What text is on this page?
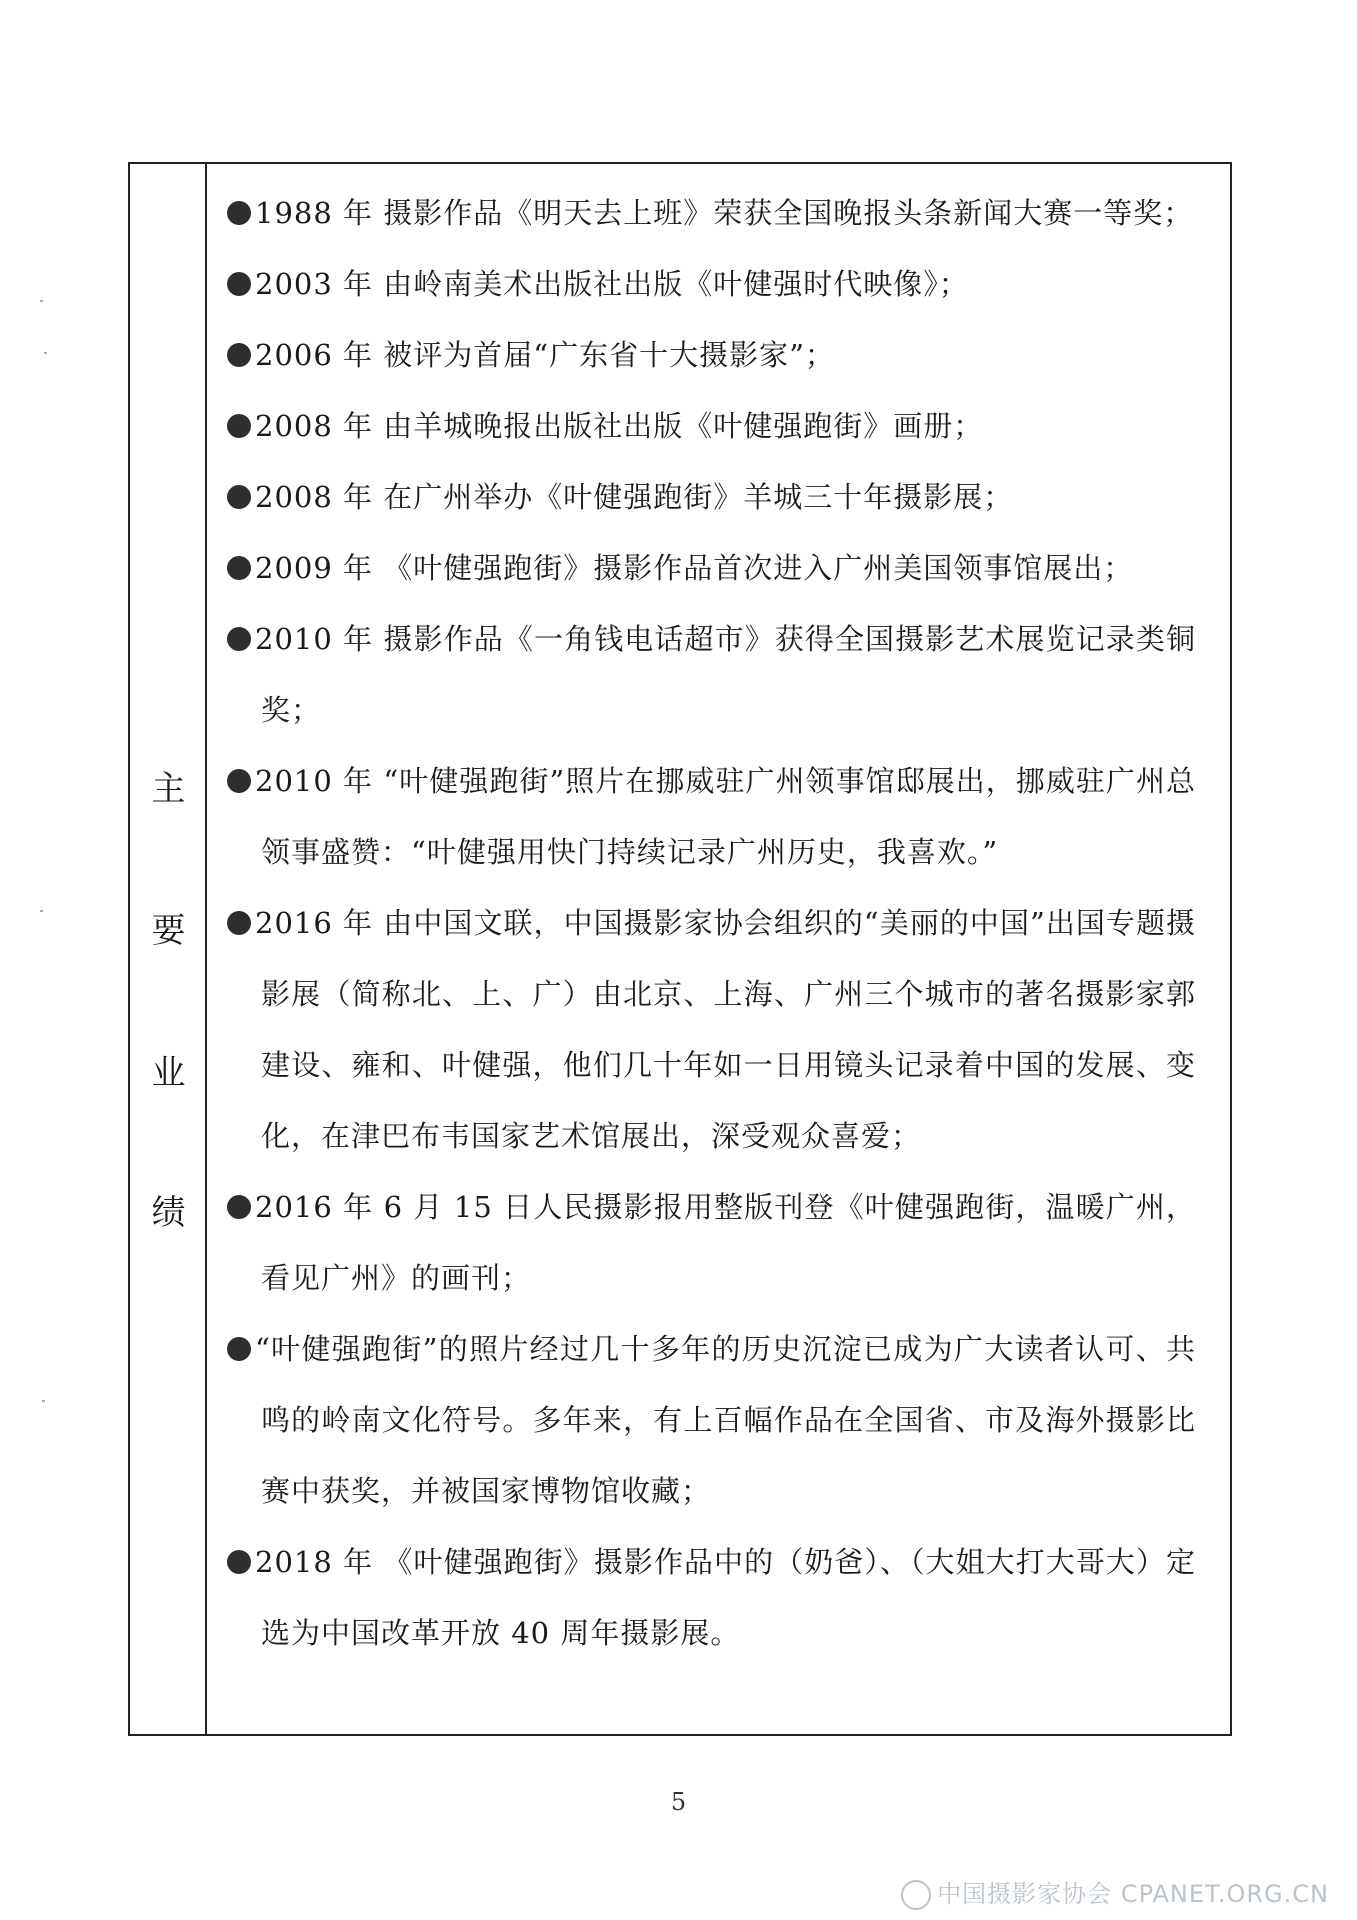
主
要
业
绩

1988 年 摄影作品《明天去上班》荣获全国晚报头条新闻大赛一等奖；

2003 年 由岭南美术出版社出版《叶健强时代映像》；

2006 年 被评为首届“广东省十大摄影家”；

2008 年 由羊城晚报出版社出版《叶健强跑街》画册；

2008 年 在广州举办《叶健强跑街》羊城三十年摄影展；

2009 年 《叶健强跑街》摄影作品首次进入广州美国领事馆展出；

2010 年 摄影作品《一角钱电话超市》获得全国摄影艺术展览记录类铜奖；

2010 年 “叶健强跑街”照片在挪威驻广州领事馆邸展出，挪威驻广州总领事盛赞：“叶健强用快门持续记录广州历史，我喜欢。”

2016 年 由中国文联，中国摄影家协会组织的“美丽的中国”出国专题摄影展（简称北、上、广）由北京、上海、广州三个城市的著名摄影家郭建设、雍和、叶健强，他们几十年如一日用镜头记录着中国的发展、变化，在津巴布韦国家艺术馆展出，深受观众喜爱；

2016 年 6 月 15 日人民摄影报用整版刊登《叶健强跑街，温暖广州，看见广州》的画刊；

“叶健强跑街”的照片经过几十多年的历史沉淀已成为广大读者认可、共鸣的岭南文化符号。多年来，有上百幅作品在全国省、市及海外摄影比赛中获奖，并被国家博物馆收藏；

2018 年 《叶健强跑街》摄影作品中的（奶爸）、（大姐大打大哥大）定选为中国改革开放 40 周年摄影展。

5
中国摄影家协会 CPANET.ORG.CN
